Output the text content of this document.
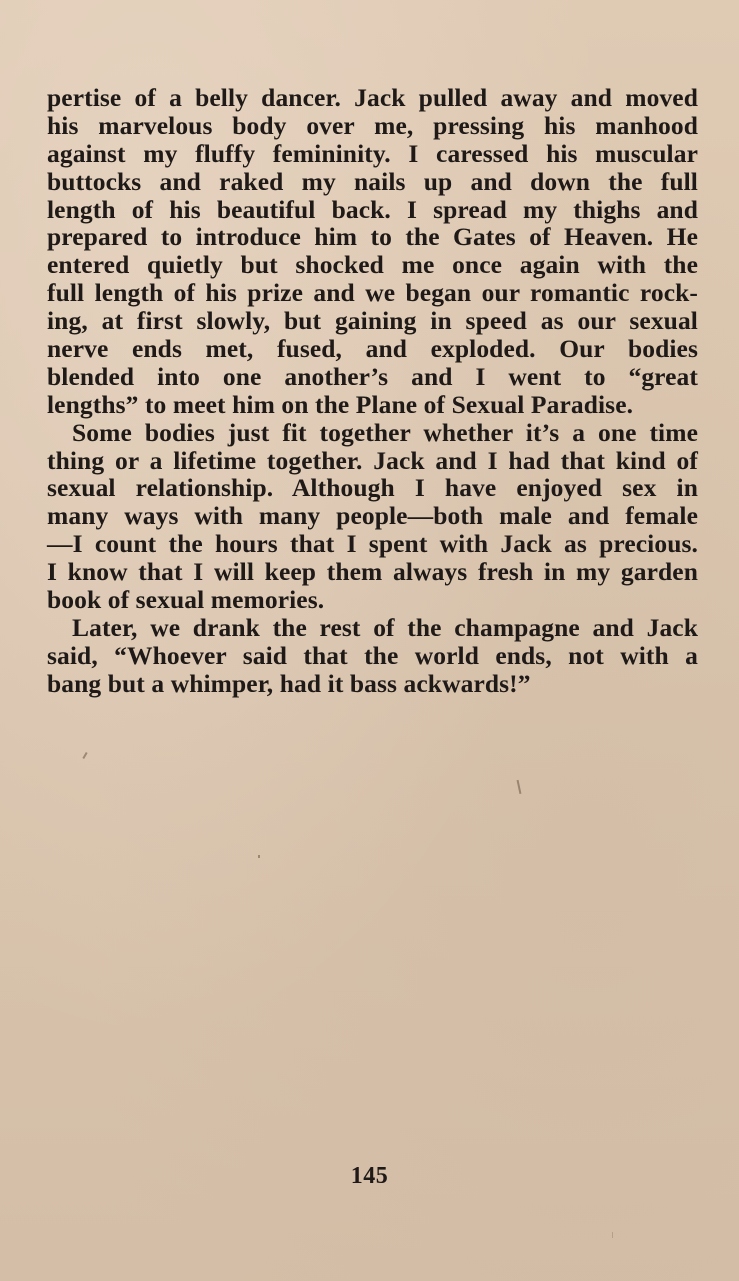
pertise of a belly dancer. Jack pulled away and moved
his marvelous body over me, pressing his manhood
against my fluffy femininity. I caressed his muscular
buttocks and raked my nails up and down the full
length of his beautiful back. I spread my thighs and
prepared to introduce him to the Gates of Heaven. He
entered quietly but shocked me once again with the
full length of his prize and we began our romantic rock-
ing, at first slowly, but gaining in speed as our sexual
nerve ends met, fused, and exploded. Our bodies
blended into one another’s and I went to “great
lengths” to meet him on the Plane of Sexual Paradise.
Some bodies just fit together whether it’s a one time
thing or a lifetime together. Jack and I had that kind of
sexual relationship. Although I have enjoyed sex in
many ways with many people—both male and female
—I count the hours that I spent with Jack as precious.
I know that I will keep them always fresh in my garden
book of sexual memories.
Later, we drank the rest of the champagne and Jack
said, “Whoever said that the world ends, not with a
bang but a whimper, had it bass ackwards!”
145
